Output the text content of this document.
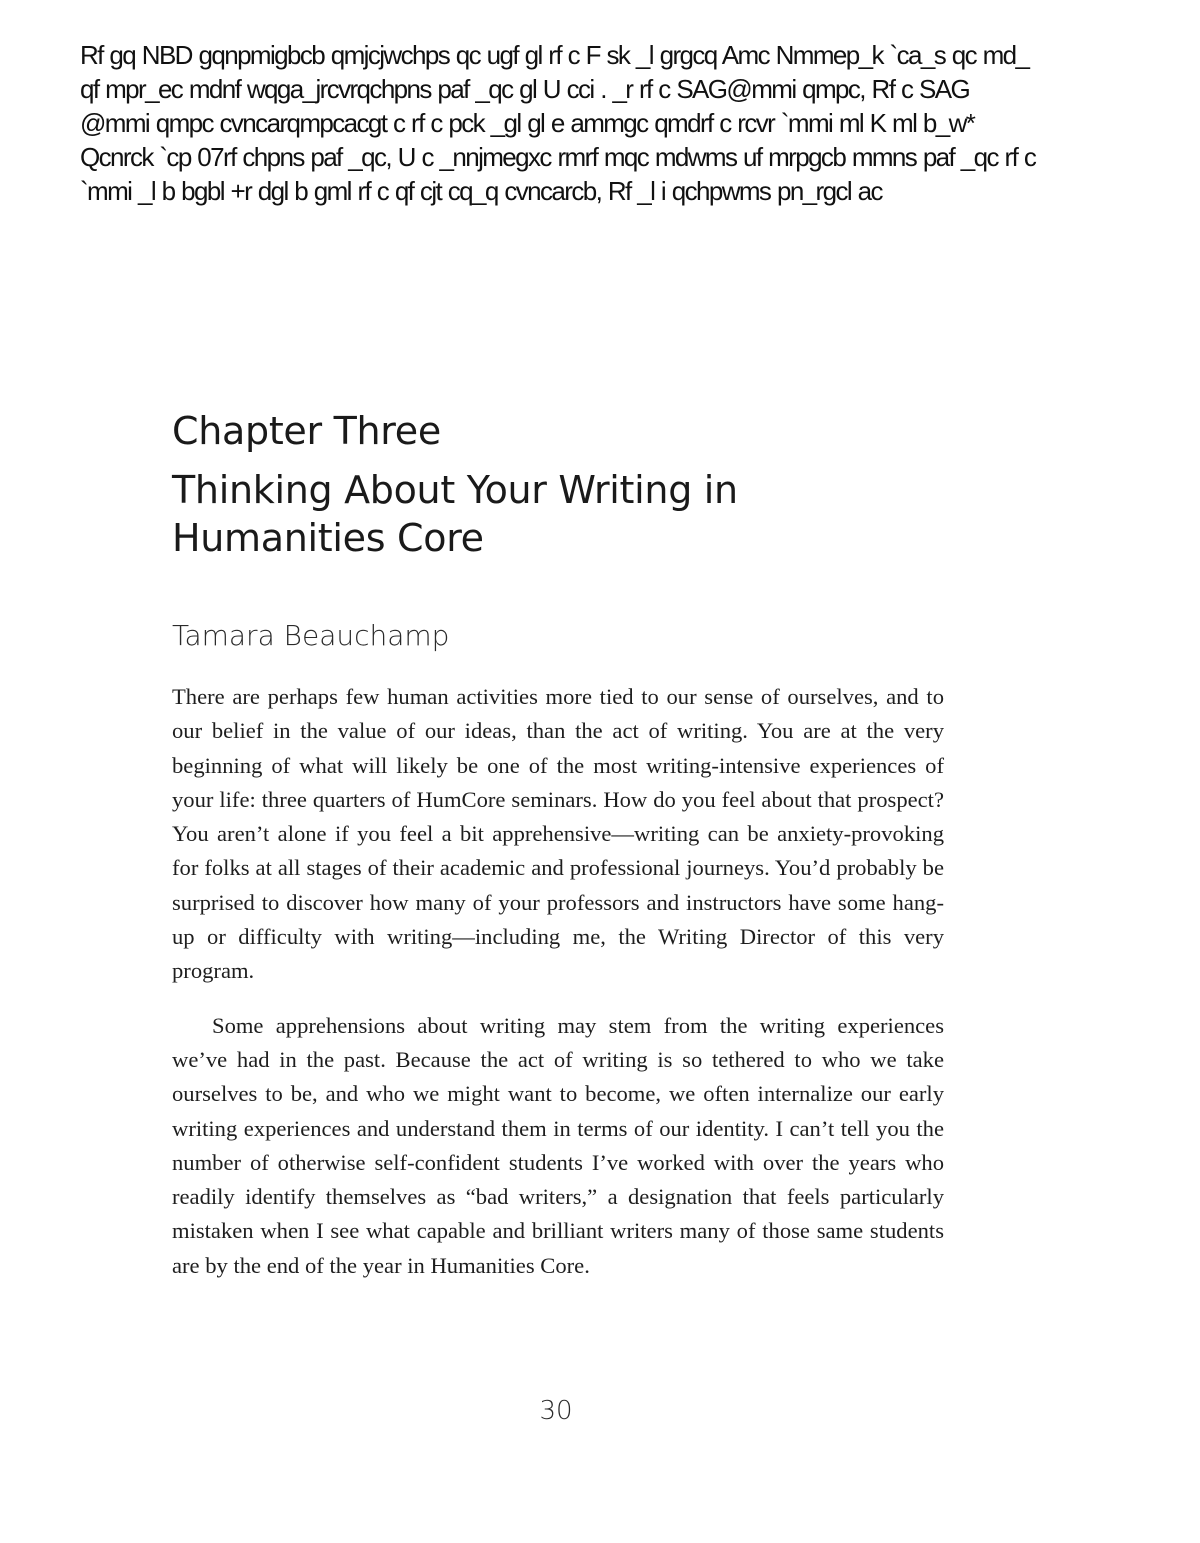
Rf gq NBD gqnpmigbcb qmjcjwchps qc ugf gl rf c F sk _l grgcq Amc Nmmep_k `ca_s qc md_
qf mpr_ec mdnf wqga_jrcvrqchpns paf _qc gl U cci . _r rf c SAG@mmi qmpc, Rf c SAG
@mmi qmpc cvncarqmpcacgt c rf c pck _gl gl e ammgc qmdrf c rcvr `mmi ml K ml b_w*
Qcnrck `cp 07rf chpns paf _qc, U c _nnjmegxc rmrf mqc mdwms uf mrpgcb mmns paf _qc rf c
`mmi _l b bgbl +r dgl b gml rf c qf cjt cq_q cvncarcb, Rf _l i qchpwms pn_rgcl ac
Chapter Three
Thinking About Your Writing in Humanities Core
Tamara Beauchamp

There are perhaps few human activities more tied to our sense of ourselves, and to our belief in the value of our ideas, than the act of writing. You are at the very beginning of what will likely be one of the most writing-intensive experiences of your life: three quarters of HumCore seminars. How do you feel about that prospect? You aren’t alone if you feel a bit apprehensive—writing can be anxiety-provoking for folks at all stages of their academic and professional journeys. You’d probably be surprised to discover how many of your professors and instructors have some hang-up or difficulty with writing—including me, the Writing Director of this very program.

Some apprehensions about writing may stem from the writing experiences we’ve had in the past. Because the act of writing is so tethered to who we take ourselves to be, and who we might want to become, we often internalize our early writing experiences and understand them in terms of our identity. I can’t tell you the number of otherwise self-confident students I’ve worked with over the years who readily identify themselves as “bad writers,” a designation that feels particularly mistaken when I see what capable and brilliant writers many of those same students are by the end of the year in Humanities Core.

30
